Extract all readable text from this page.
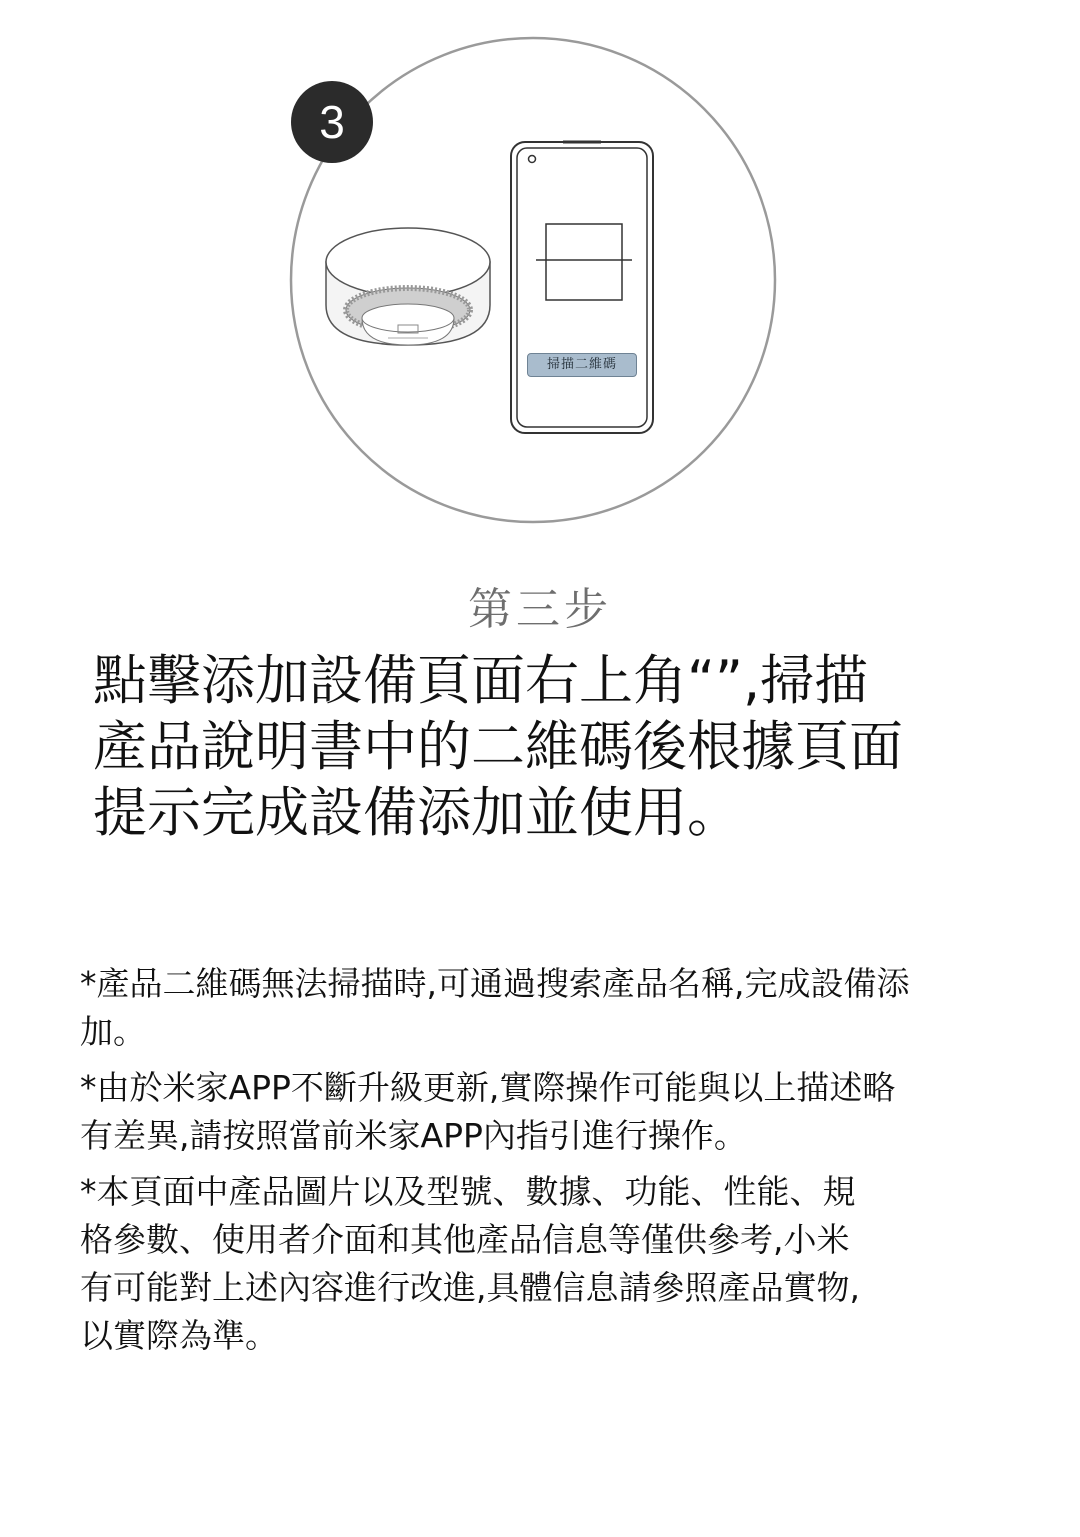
3
掃描二維碼
第三步
點擊添加設備頁面右上角“”,掃描
產品說明書中的二維碼後根據頁面
提示完成設備添加並使用。
*產品二維碼無法掃描時,可通過搜索產品名稱,完成設備添
加。
*由於米家APP不斷升級更新,實際操作可能與以上描述略
有差異,請按照當前米家APP內指引進行操作。
*本頁面中產品圖片以及型號、數據、功能、性能、規
格參數、使用者介面和其他產品信息等僅供參考,小米
有可能對上述內容進行改進,具體信息請參照產品實物,
以實際為準。
